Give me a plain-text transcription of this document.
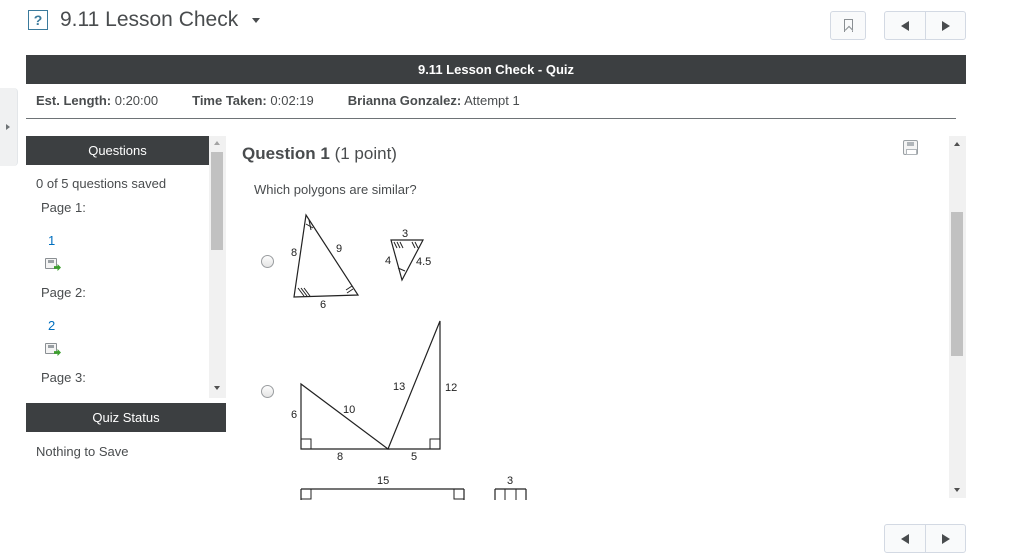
? 9.11 Lesson Check
9.11 Lesson Check - Quiz
Est. Length: 0:20:00	Time Taken: 0:02:19	Brianna Gonzalez: Attempt 1
Questions
0 of 5 questions saved
Page 1:
1
Page 2:
2
Page 3:
Quiz Status
Nothing to Save
Question 1 (1 point)
Which polygons are similar?
8	9
6
3
4 4.5
6	10
8
13	12
5
15	3
